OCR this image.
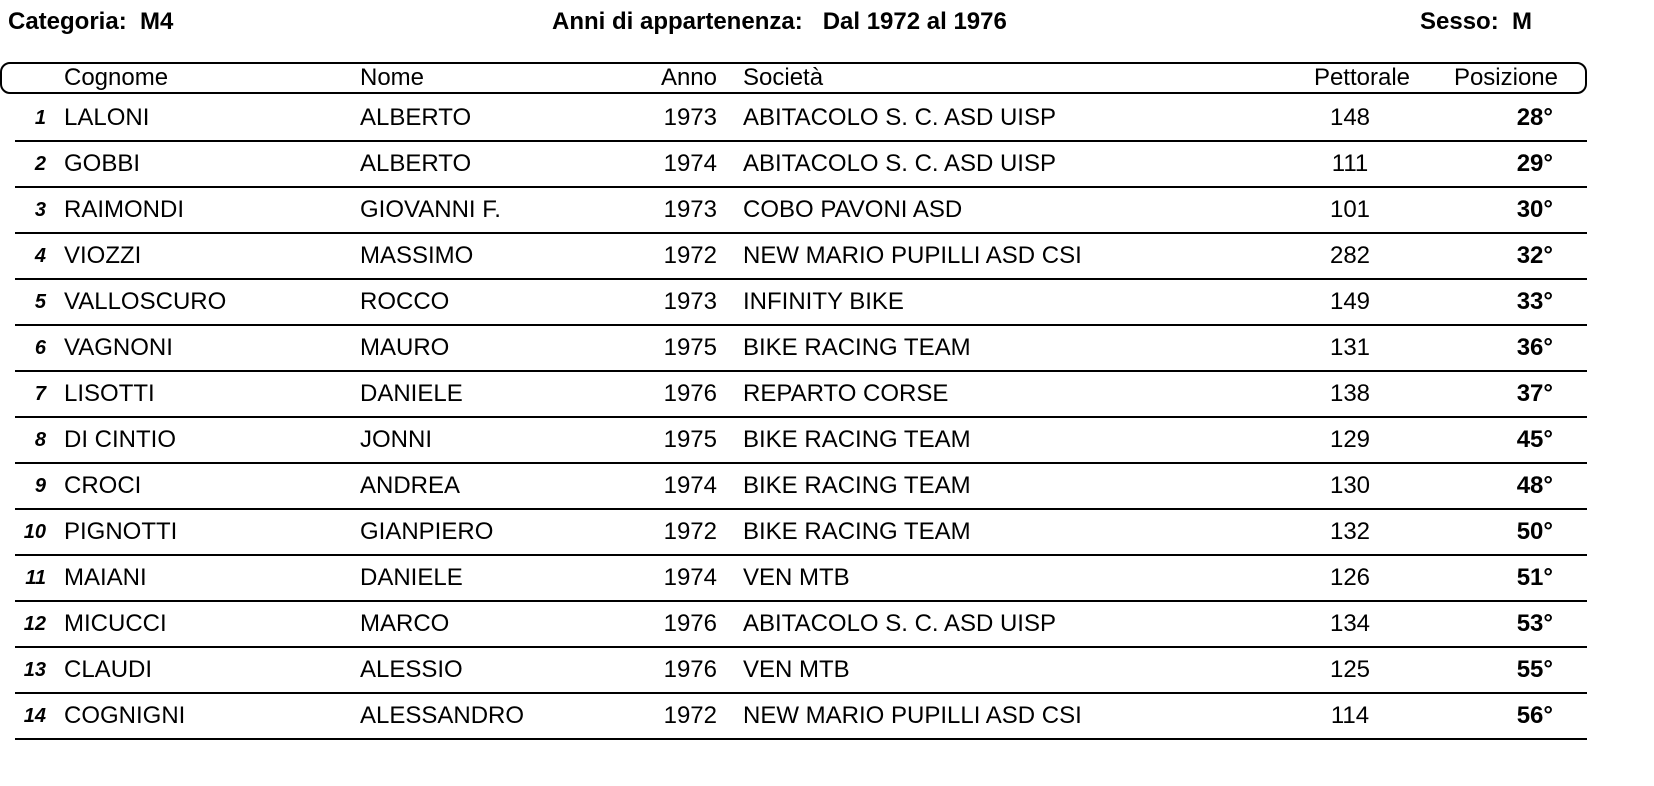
Categoria:  M4	Anni di appartenenza:   Dal 1972 al 1976	Sesso:  M
Cognome	Nome	Anno Società	Pettorale	Posizione
1 LALONI	ALBERTO	1973 ABITACOLO S. C. ASD UISP	148	28°
2 GOBBI	ALBERTO	1974 ABITACOLO S. C. ASD UISP	111	29°
3 RAIMONDI	GIOVANNI F.	1973 COBO PAVONI ASD	101	30°
4 VIOZZI	MASSIMO	1972 NEW MARIO PUPILLI ASD CSI	282	32°
5 VALLOSCURO	ROCCO	1973 INFINITY BIKE	149	33°
6 VAGNONI	MAURO	1975 BIKE RACING TEAM	131	36°
7 LISOTTI	DANIELE	1976 REPARTO CORSE	138	37°
8 DI CINTIO	JONNI	1975 BIKE RACING TEAM	129	45°
9 CROCI	ANDREA	1974 BIKE RACING TEAM	130	48°
10 PIGNOTTI	GIANPIERO	1972 BIKE RACING TEAM	132	50°
11 MAIANI	DANIELE	1974 VEN MTB	126	51°
12 MICUCCI	MARCO	1976 ABITACOLO S. C. ASD UISP	134	53°
13 CLAUDI	ALESSIO	1976 VEN MTB	125	55°
14 COGNIGNI	ALESSANDRO	1972 NEW MARIO PUPILLI ASD CSI	114	56°
